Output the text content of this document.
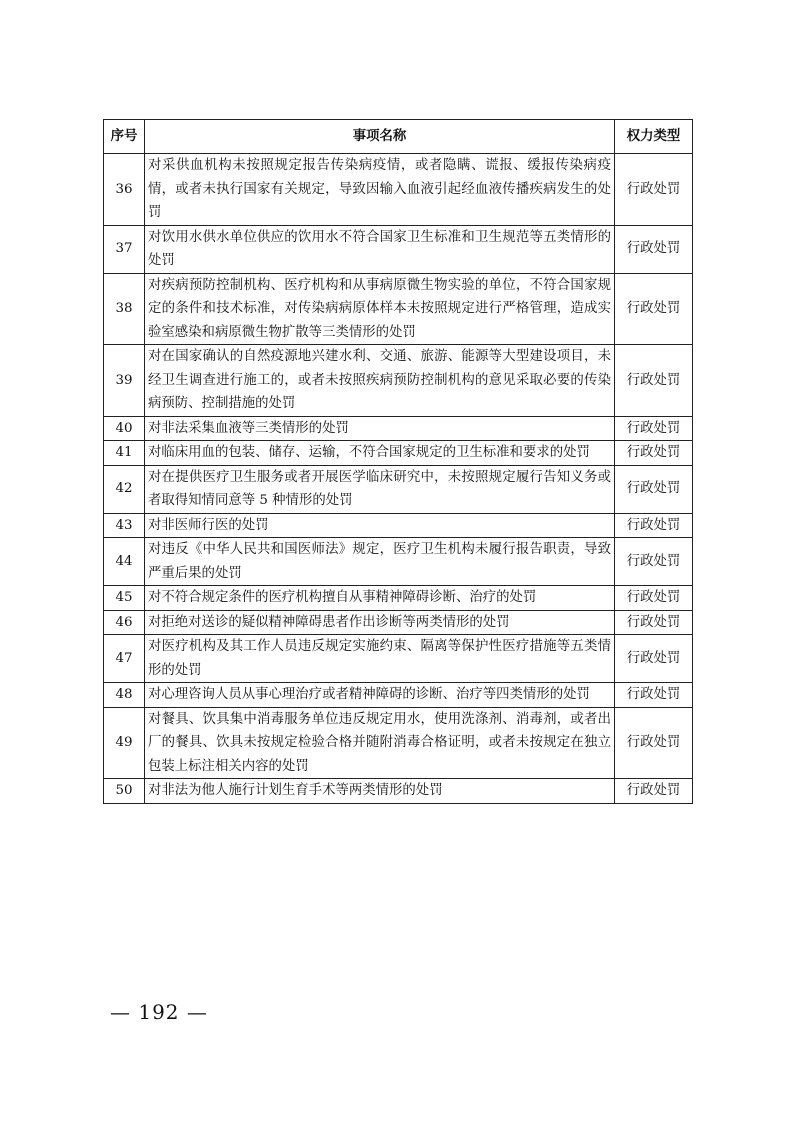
序号	事项名称	权力类型
36	对采供血机构未按照规定报告传染病疫情，或者隐瞒、谎报、缓报传染病疫情，或者未执行国家有关规定，导致因输入血液引起经血液传播疾病发生的处罚	行政处罚
37	对饮用水供水单位供应的饮用水不符合国家卫生标准和卫生规范等五类情形的处罚	行政处罚
38	对疾病预防控制机构、医疗机构和从事病原微生物实验的单位，不符合国家规定的条件和技术标准，对传染病病原体样本未按照规定进行严格管理，造成实验室感染和病原微生物扩散等三类情形的处罚	行政处罚
39	对在国家确认的自然疫源地兴建水利、交通、旅游、能源等大型建设项目，未经卫生调查进行施工的，或者未按照疾病预防控制机构的意见采取必要的传染病预防、控制措施的处罚	行政处罚
40	对非法采集血液等三类情形的处罚	行政处罚
41	对临床用血的包装、储存、运输，不符合国家规定的卫生标准和要求的处罚	行政处罚
42	对在提供医疗卫生服务或者开展医学临床研究中，未按照规定履行告知义务或者取得知情同意等 5 种情形的处罚	行政处罚
43	对非医师行医的处罚	行政处罚
44	对违反《中华人民共和国医师法》规定，医疗卫生机构未履行报告职责，导致严重后果的处罚	行政处罚
45	对不符合规定条件的医疗机构擅自从事精神障碍诊断、治疗的处罚	行政处罚
46	对拒绝对送诊的疑似精神障碍患者作出诊断等两类情形的处罚	行政处罚
47	对医疗机构及其工作人员违反规定实施约束、隔离等保护性医疗措施等五类情形的处罚	行政处罚
48	对心理咨询人员从事心理治疗或者精神障碍的诊断、治疗等四类情形的处罚	行政处罚
49	对餐具、饮具集中消毒服务单位违反规定用水，使用洗涤剂、消毒剂，或者出厂的餐具、饮具未按规定检验合格并随附消毒合格证明，或者未按规定在独立包装上标注相关内容的处罚	行政处罚
50	对非法为他人施行计划生育手术等两类情形的处罚	行政处罚
— 192 —
